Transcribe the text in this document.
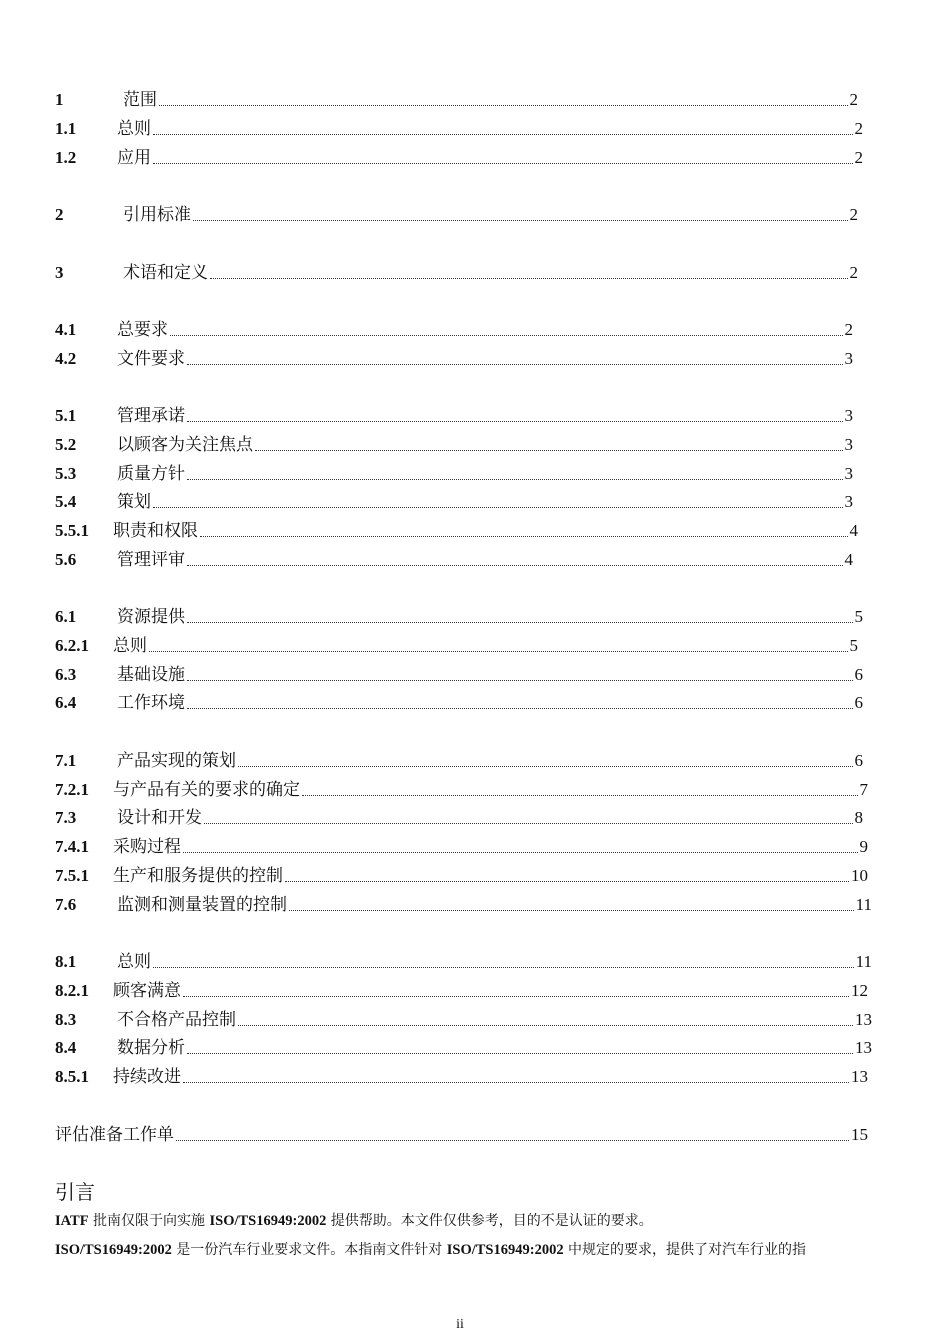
1	范围	2
1.1	总则	2
1.2	应用	2
2	引用标准	2
3	术语和定义	2
4.1	总要求	2
4.2	文件要求	3
5.1	管理承诺	3
5.2	以顾客为关注焦点	3
5.3	质量方针	3
5.4	策划	3
5.5.1	职责和权限	4
5.6	管理评审	4
6.1	资源提供	5
6.2.1	总则	5
6.3	基础设施	6
6.4	工作环境	6
7.1	产品实现的策划	6
7.2.1	与产品有关的要求的确定	7
7.3	设计和开发	8
7.4.1	采购过程	9
7.5.1	生产和服务提供的控制	10
7.6	监测和测量装置的控制	11
8.1	总则	11
8.2.1	顾客满意	12
8.3	不合格产品控制	13
8.4	数据分析	13
8.5.1	持续改进	13
评估准备工作单	15
引言
IATF 批南仅限于向实施 ISO/TS16949:2002 提供帮助。本文件仅供参考，目的不是认证的要求。
ISO/TS16949:2002 是一份汽车行业要求文件。本指南文件针对 ISO/TS16949:2002 中规定的要求，提供了对汽车行业的指
ii
